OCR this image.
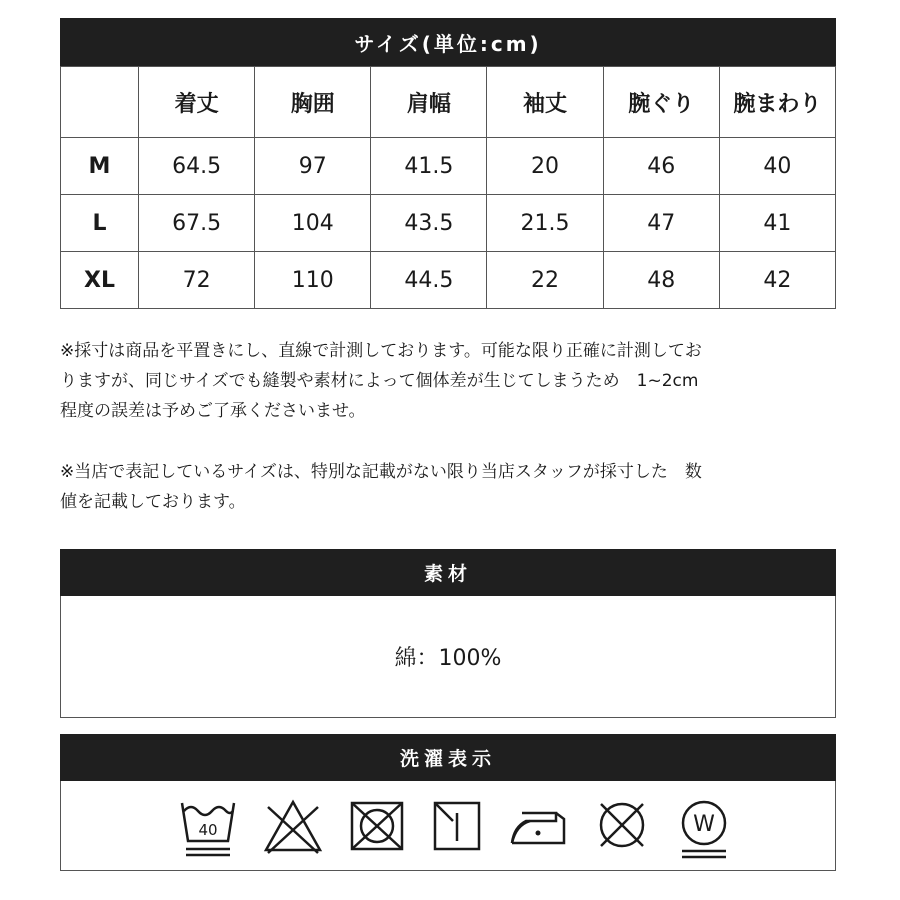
サイズ(単位:cm)
	着丈	胸囲	肩幅	袖丈	腕ぐり	腕まわり
M	64.5	97	41.5	20	46	40
L	67.5	104	43.5	21.5	47	41
XL	72	110	44.5	22	48	42
※採寸は商品を平置きにし、直線で計測しております。可能な限り正確に計測してお
りますが、同じサイズでも縫製や素材によって個体差が生じてしまうため　1~2cm
程度の誤差は予めご了承くださいませ。
※当店で表記しているサイズは、特別な記載がない限り当店スタッフが採寸した　数
値を記載しております。
素材
綿：100%
洗濯表示
40	W
